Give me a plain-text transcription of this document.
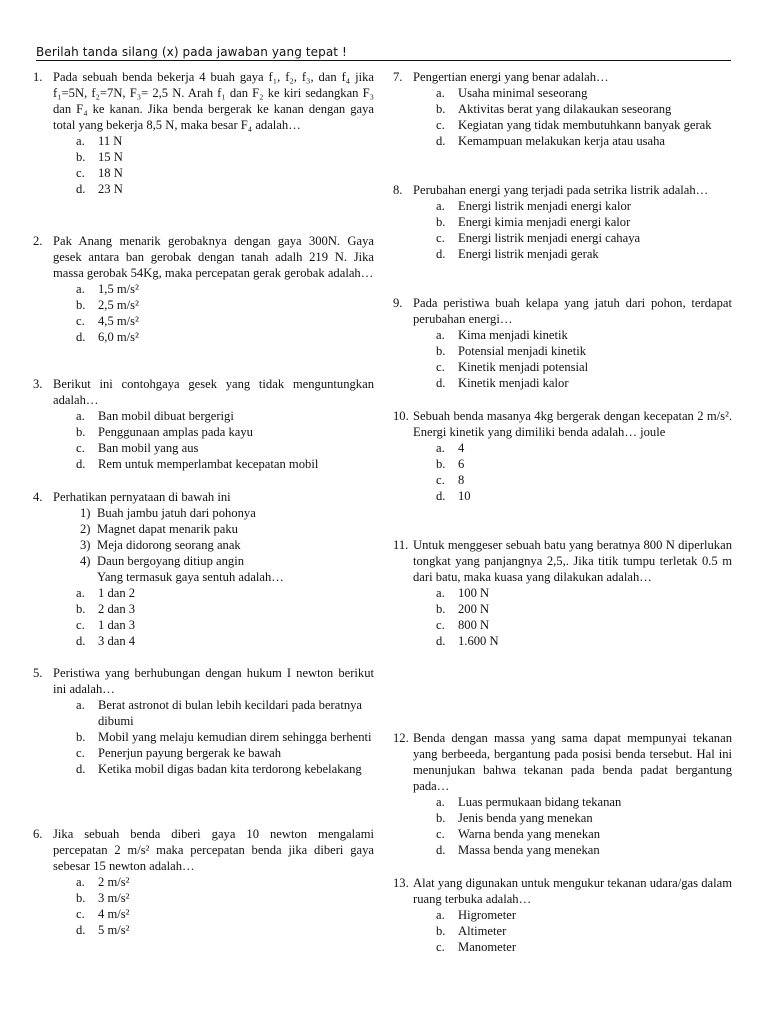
Berilah tanda silang (x) pada jawaban yang tepat !
1. Pada sebuah benda bekerja 4 buah gaya f₁, f₂, f₃, dan f₄ jika f₁=5N, f₂=7N, F₃= 2,5 N. Arah f₁ dan F₂ ke kiri sedangkan F₃ dan F₄ ke kanan. Jika benda bergerak ke kanan dengan gaya total yang bekerja 8,5 N, maka besar F₄ adalah…
a. 11 N
b. 15 N
c. 18 N
d. 23 N
2. Pak Anang menarik gerobaknya dengan gaya 300N. Gaya gesek antara ban gerobak dengan tanah adalh 219 N. Jika massa gerobak 54Kg, maka percepatan gerak gerobak adalah…
a. 1,5 m/s²
b. 2,5 m/s²
c. 4,5 m/s²
d. 6,0 m/s²
3. Berikut ini contohgaya gesek yang tidak menguntungkan adalah…
a. Ban mobil dibuat bergerigi
b. Penggunaan amplas pada kayu
c. Ban mobil yang aus
d. Rem untuk memperlambat kecepatan mobil
4. Perhatikan pernyataan di bawah ini
1) Buah jambu jatuh dari pohonya
2) Magnet dapat menarik paku
3) Meja didorong seorang anak
4) Daun bergoyang ditiup angin
Yang termasuk gaya sentuh adalah…
a. 1 dan 2
b. 2 dan 3
c. 1 dan 3
d. 3 dan 4
5. Peristiwa yang berhubungan dengan hukum I newton berikut ini adalah…
a. Berat astronot di bulan lebih kecildari pada beratnya dibumi
b. Mobil yang melaju kemudian direm sehingga berhenti
c. Penerjun payung bergerak ke bawah
d. Ketika mobil digas badan kita terdorong kebelakang
6. Jika sebuah benda diberi gaya 10 newton mengalami percepatan 2 m/s² maka percepatan benda jika diberi gaya sebesar 15 newton adalah…
a. 2 m/s²
b. 3 m/s²
c. 4 m/s²
d. 5 m/s²
7. Pengertian energi yang benar adalah…
a. Usaha minimal seseorang
b. Aktivitas berat yang dilakaukan seseorang
c. Kegiatan yang tidak membutuhkann banyak gerak
d. Kemampuan melakukan kerja atau usaha
8. Perubahan energi yang terjadi pada setrika listrik adalah…
a. Energi listrik menjadi energi kalor
b. Energi kimia menjadi energi kalor
c. Energi listrik menjadi energi cahaya
d. Energi listrik menjadi gerak
9. Pada peristiwa buah kelapa yang jatuh dari pohon, terdapat perubahan energi…
a. Kima menjadi kinetik
b. Potensial menjadi kinetik
c. Kinetik menjadi potensial
d. Kinetik menjadi kalor
10. Sebuah benda masanya 4kg bergerak dengan kecepatan 2 m/s². Energi kinetik yang dimiliki benda adalah… joule
a. 4
b. 6
c. 8
d. 10
11. Untuk menggeser sebuah batu yang beratnya 800 N diperlukan tongkat yang panjangnya 2,5,. Jika titik tumpu terletak 0.5 m dari batu, maka kuasa yang dilakukan adalah…
a. 100 N
b. 200 N
c. 800 N
d. 1.600 N
12. Benda dengan massa yang sama dapat mempunyai tekanan yang berbeeda, bergantung pada posisi benda tersebut. Hal ini menunjukan bahwa tekanan pada benda padat bergantung pada…
a. Luas permukaan bidang tekanan
b. Jenis benda yang menekan
c. Warna benda yang menekan
d. Massa benda yang menekan
13. Alat yang digunakan untuk mengukur tekanan udara/gas dalam ruang terbuka adalah…
a. Higrometer
b. Altimeter
c. Manometer
